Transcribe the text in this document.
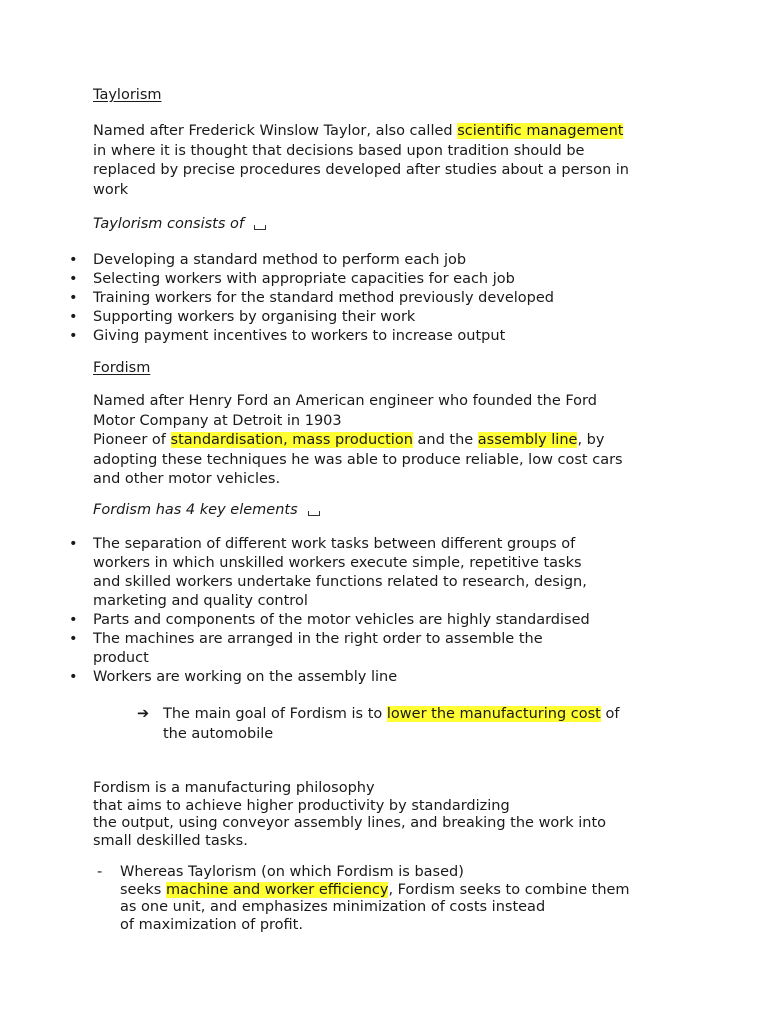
Taylorism
Named after Frederick Winslow Taylor, also called scientific management
in where it is thought that decisions based upon tradition should be
replaced by precise procedures developed after studies about a person in
work
Taylorism consists of
• Developing a standard method to perform each job
• Selecting workers with appropriate capacities for each job
• Training workers for the standard method previously developed
• Supporting workers by organising their work
• Giving payment incentives to workers to increase output
Fordism
Named after Henry Ford an American engineer who founded the Ford
Motor Company at Detroit in 1903
Pioneer of standardisation, mass production and the assembly line, by
adopting these techniques he was able to produce reliable, low cost cars
and other motor vehicles.
Fordism has 4 key elements
• The separation of different work tasks between different groups of
workers in which unskilled workers execute simple, repetitive tasks
and skilled workers undertake functions related to research, design,
marketing and quality control
• Parts and components of the motor vehicles are highly standardised
• The machines are arranged in the right order to assemble the
product
• Workers are working on the assembly line
➔ The main goal of Fordism is to lower the manufacturing cost of
the automobile
Fordism is a manufacturing philosophy
that aims to achieve higher productivity by standardizing
the output, using conveyor assembly lines, and breaking the work into
small deskilled tasks.
-	Whereas Taylorism (on which Fordism is based)
seeks machine and worker efficiency, Fordism seeks to combine them
as one unit, and emphasizes minimization of costs instead
of maximization of profit.
